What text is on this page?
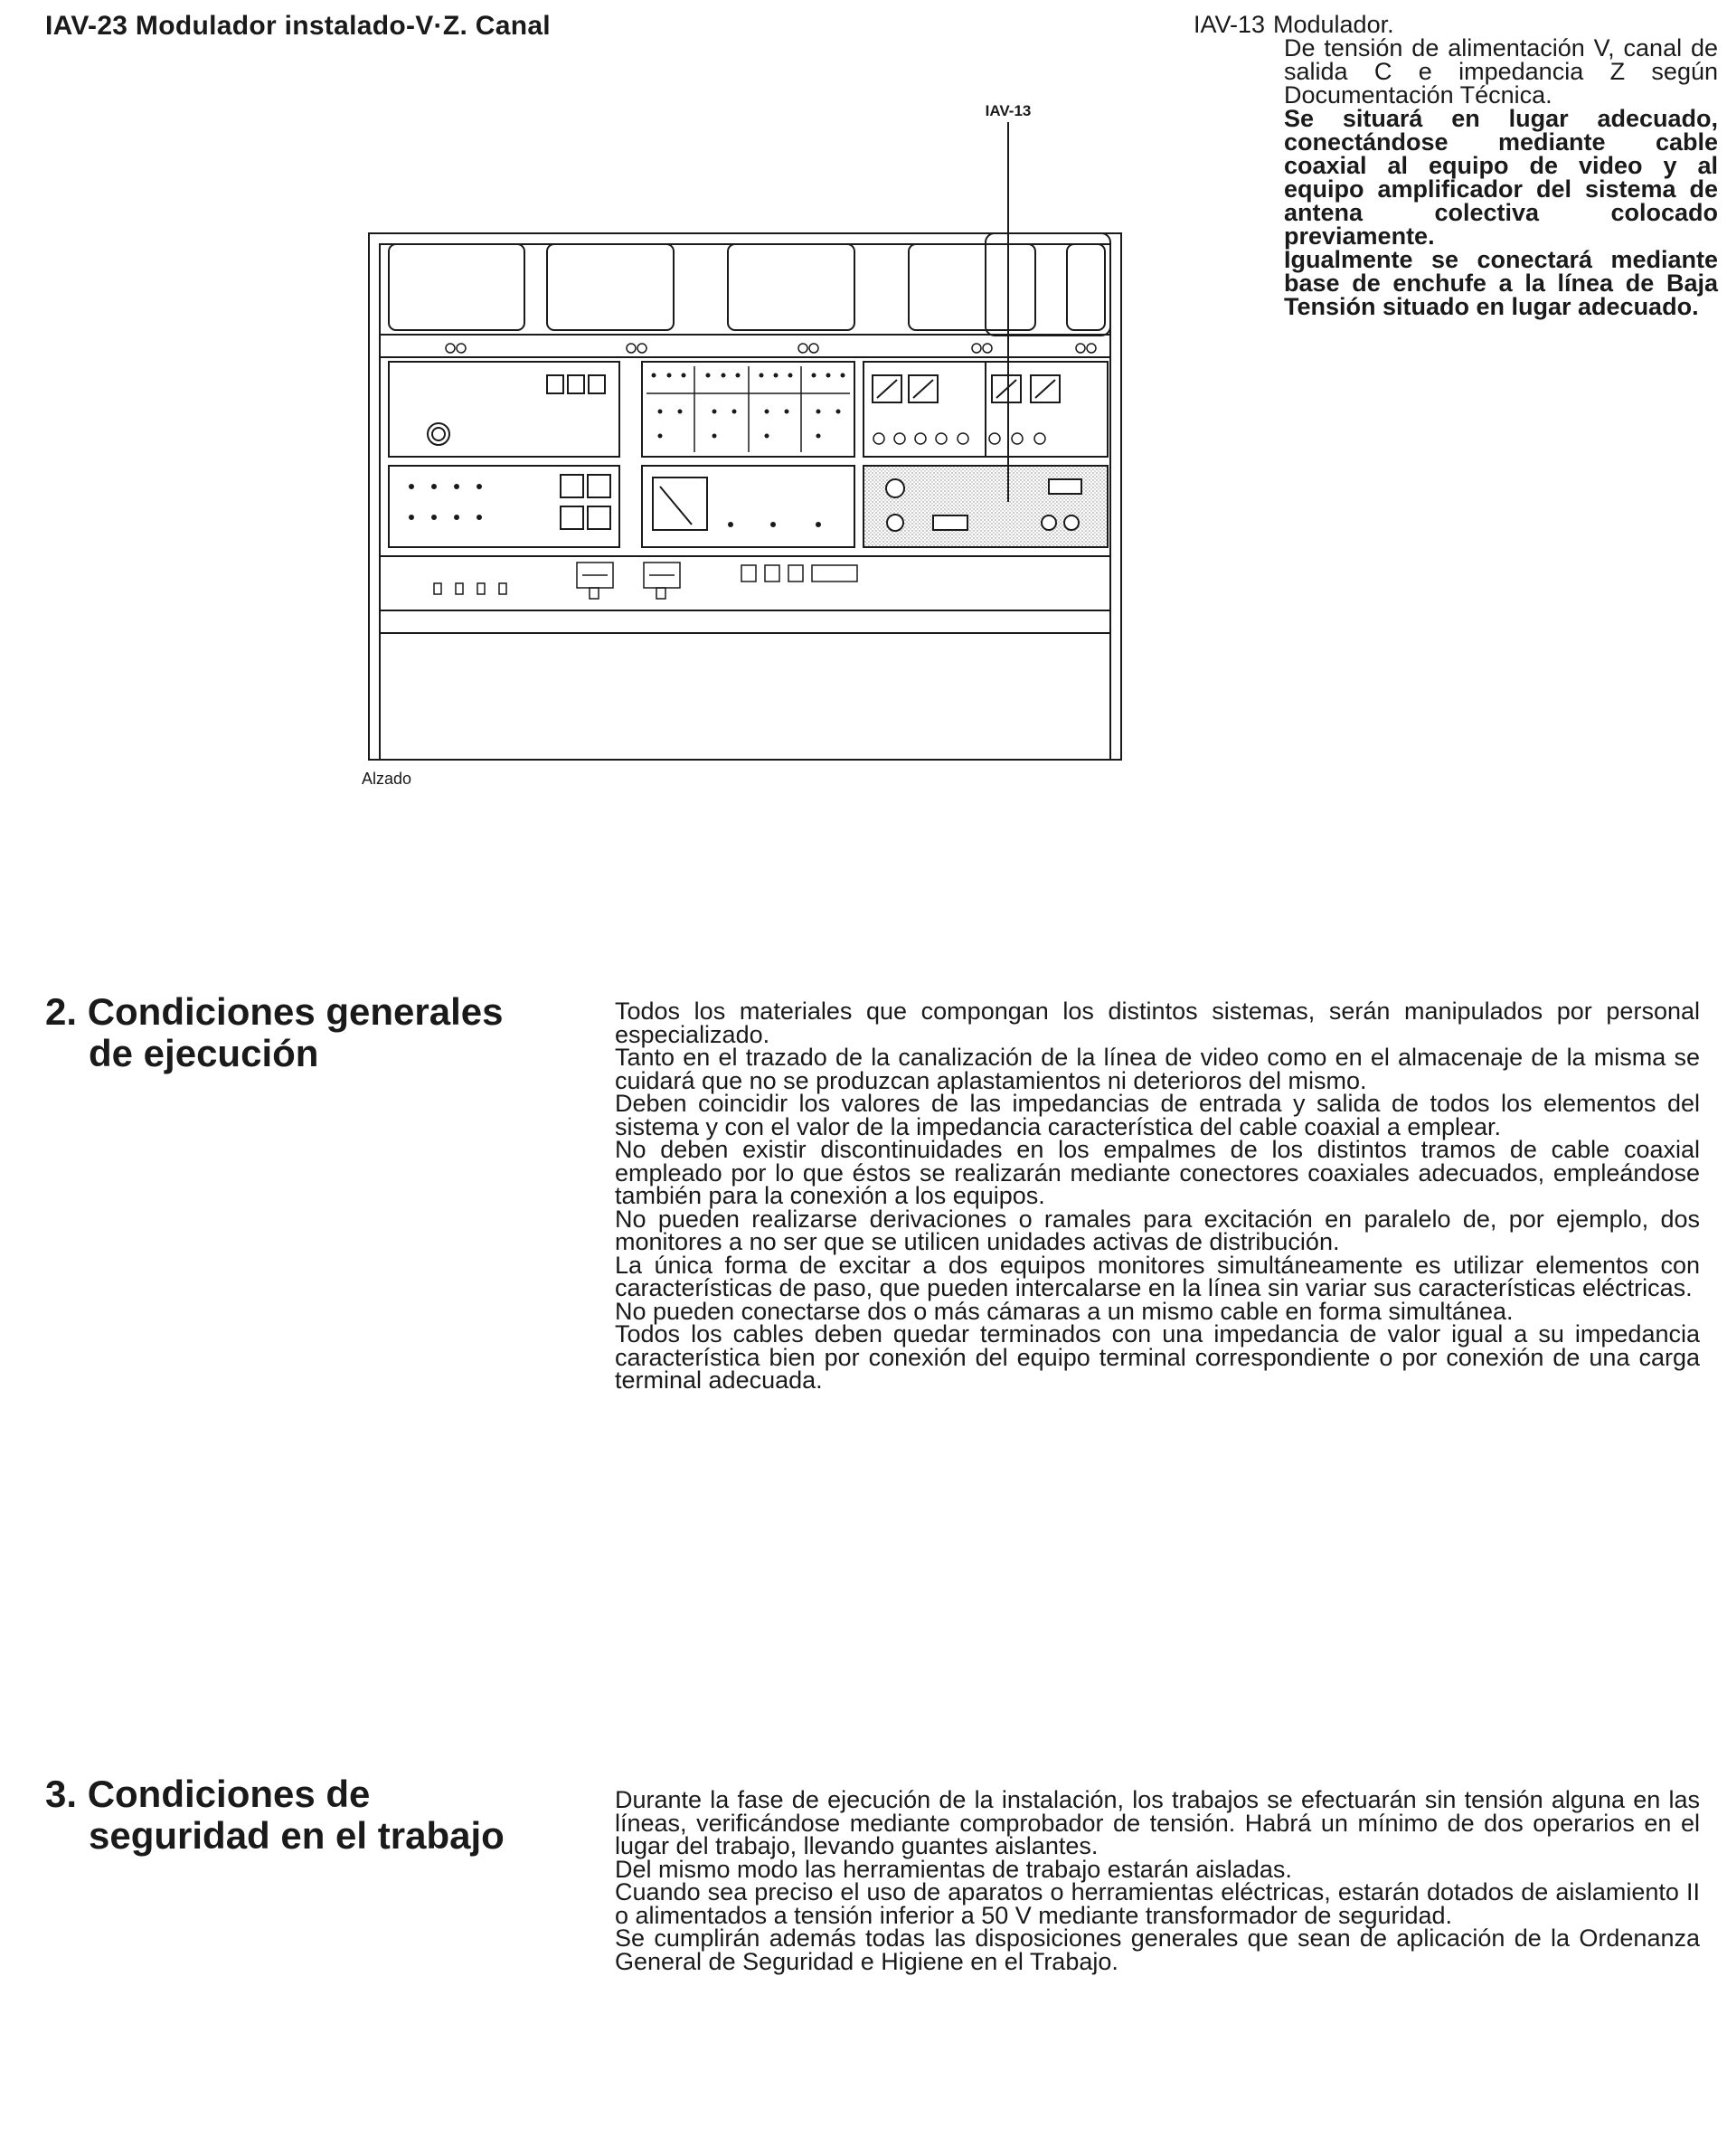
IAV-23 Modulador instalado-V·Z. Canal	IAV-13 Modulador.

De tensión de alimentación V, canal de salida C e impedancia Z según Documentación Técnica.

Se situará en lugar adecuado, conectándose mediante cable coaxial al equipo de video y al equipo amplificador del sistema de antena colectiva colocado previamente.

Igualmente se conectará mediante base de enchufe a la línea de Baja Tensión situado en lugar adecuado.

IAV-13
Alzado
2. Condiciones generales
de ejecución

Todos los materiales que compongan los distintos sistemas, serán manipulados por personal especializado.

Tanto en el trazado de la canalización de la línea de video como en el almacenaje de la misma se cuidará que no se produzcan aplastamientos ni deterioros del mismo.

Deben coincidir los valores de las impedancias de entrada y salida de todos los elementos del sistema y con el valor de la impedancia característica del cable coaxial a emplear.

No deben existir discontinuidades en los empalmes de los distintos tramos de cable coaxial empleado por lo que éstos se realizarán mediante conectores coaxiales adecuados, empleándose también para la conexión a los equipos.

No pueden realizarse derivaciones o ramales para excitación en paralelo de, por ejemplo, dos monitores a no ser que se utilicen unidades activas de distribución.

La única forma de excitar a dos equipos monitores simultáneamente es utilizar elementos con características de paso, que pueden intercalarse en la línea sin variar sus características eléctricas.

No pueden conectarse dos o más cámaras a un mismo cable en forma simultánea.

Todos los cables deben quedar terminados con una impedancia de valor igual a su impedancia característica bien por conexión del equipo terminal correspondiente o por conexión de una carga terminal adecuada.

3. Condiciones de
seguridad en el trabajo

Durante la fase de ejecución de la instalación, los trabajos se efectuarán sin tensión alguna en las líneas, verificándose mediante comprobador de tensión. Habrá un mínimo de dos operarios en el lugar del trabajo, llevando guantes aislantes.

Del mismo modo las herramientas de trabajo estarán aisladas.

Cuando sea preciso el uso de aparatos o herramientas eléctricas, estarán dotados de aislamiento II o alimentados a tensión inferior a 50 V mediante transformador de seguridad.

Se cumplirán además todas las disposiciones generales que sean de aplicación de la Ordenanza General de Seguridad e Higiene en el Trabajo.
